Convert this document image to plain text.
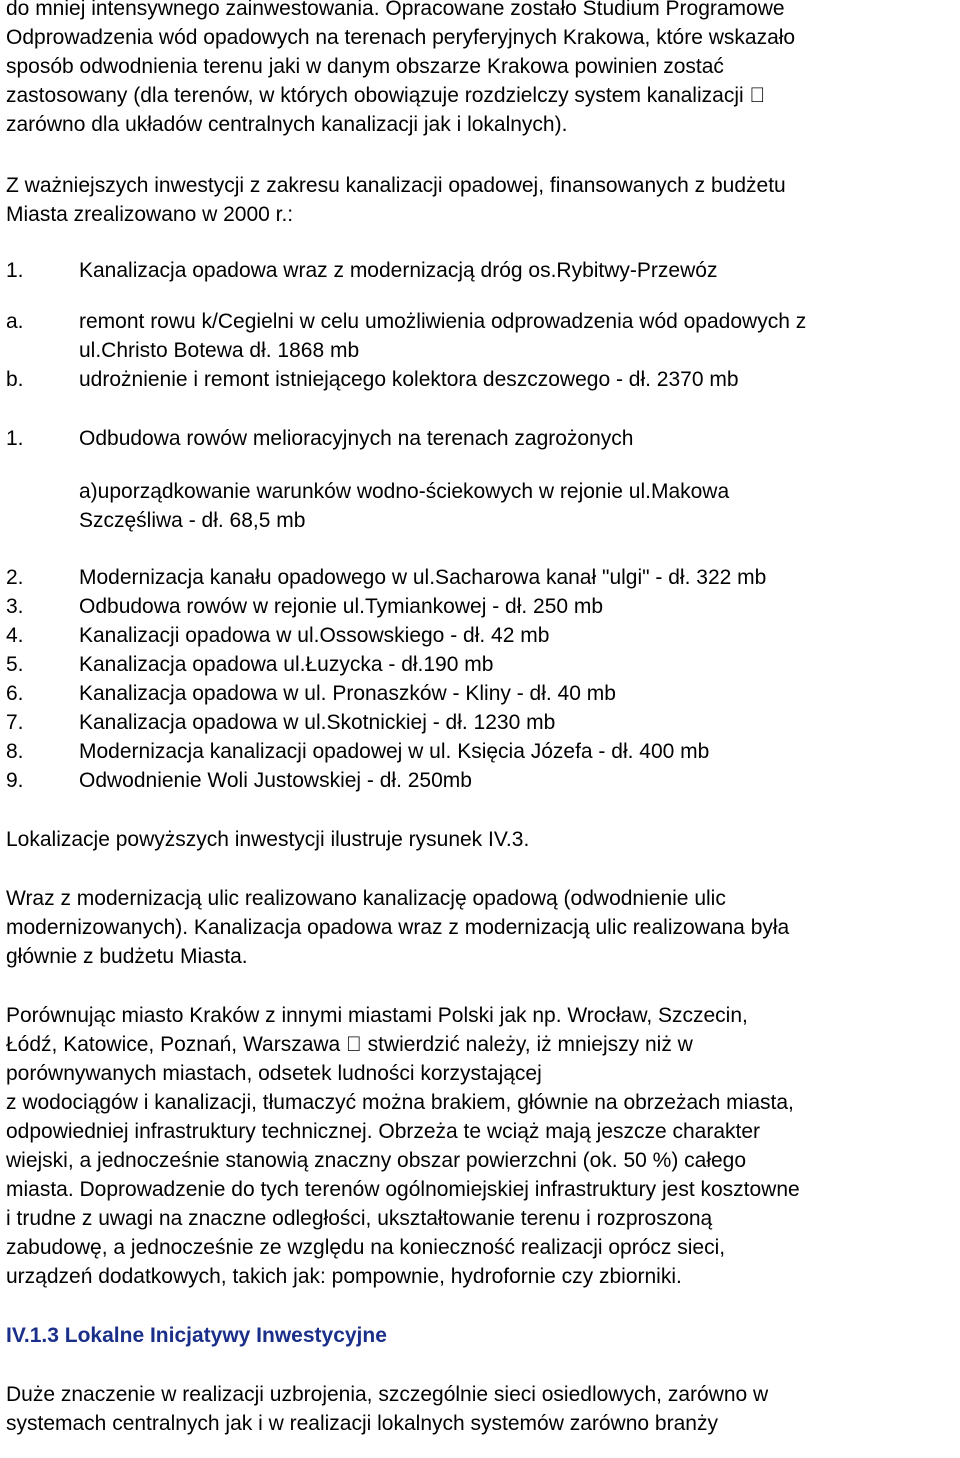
do mniej intensywnego zainwestowania. Opracowane zostało Studium Programowe
Odprowadzenia wód opadowych na terenach peryferyjnych Krakowa, które wskazało
sposób odwodnienia terenu jaki w danym obszarze Krakowa powinien zostać
zastosowany (dla terenów, w których obowiązuje rozdzielczy system kanalizacji
zarówno dla układów centralnych kanalizacji jak i lokalnych).

Z ważniejszych inwestycji z zakresu kanalizacji opadowej, finansowanych z budżetu
Miasta zrealizowano w 2000 r.:

1.	Kanalizacja opadowa wraz z modernizacją dróg os.Rybitwy-Przewóz
a.	remont rowu k/Cegielni w celu umożliwienia odprowadzenia wód opadowych z
ul.Christo Botewa dł. 1868 mb
b.	udrożnienie i remont istniejącego kolektora deszczowego - dł. 2370 mb
1.	Odbudowa rowów melioracyjnych na terenach zagrożonych
a)uporządkowanie warunków wodno-ściekowych w rejonie ul.Makowa
Szczęśliwa - dł. 68,5 mb
2.	Modernizacja kanału opadowego w ul.Sacharowa kanał "ulgi" - dł. 322 mb
3.	Odbudowa rowów w rejonie ul.Tymiankowej - dł. 250 mb
4.	Kanalizacji opadowa w ul.Ossowskiego - dł. 42 mb
5.	Kanalizacja opadowa ul.Łuzycka - dł.190 mb
6.	Kanalizacja opadowa w ul. Pronaszków - Kliny - dł. 40 mb
7.	Kanalizacja opadowa w ul.Skotnickiej - dł. 1230 mb
8.	Modernizacja kanalizacji opadowej w ul. Księcia Józefa - dł. 400 mb
9.	Odwodnienie Woli Justowskiej - dł. 250mb

Lokalizacje powyższych inwestycji ilustruje rysunek IV.3.

Wraz z modernizacją ulic realizowano kanalizację opadową (odwodnienie ulic
modernizowanych). Kanalizacja opadowa wraz z modernizacją ulic realizowana była
głównie z budżetu Miasta.

Porównując miasto Kraków z innymi miastami Polski jak np. Wrocław, Szczecin,
Łódź, Katowice, Poznań, Warszawa stwierdzić należy, iż mniejszy niż w
porównywanych miastach, odsetek ludności korzystającej
z wodociągów i kanalizacji, tłumaczyć można brakiem, głównie na obrzeżach miasta,
odpowiedniej infrastruktury technicznej. Obrzeża te wciąż mają jeszcze charakter
wiejski, a jednocześnie stanowią znaczny obszar powierzchni (ok. 50 %) całego
miasta. Doprowadzenie do tych terenów ogólnomiejskiej infrastruktury jest kosztowne
i trudne z uwagi na znaczne odległości, ukształtowanie terenu i rozproszoną
zabudowę, a jednocześnie ze względu na konieczność realizacji oprócz sieci,
urządzeń dodatkowych, takich jak: pompownie, hydrofornie czy zbiorniki.

IV.1.3 Lokalne Inicjatywy Inwestycyjne

Duże znaczenie w realizacji uzbrojenia, szczególnie sieci osiedlowych, zarówno w
systemach centralnych jak i w realizacji lokalnych systemów zarówno branży
